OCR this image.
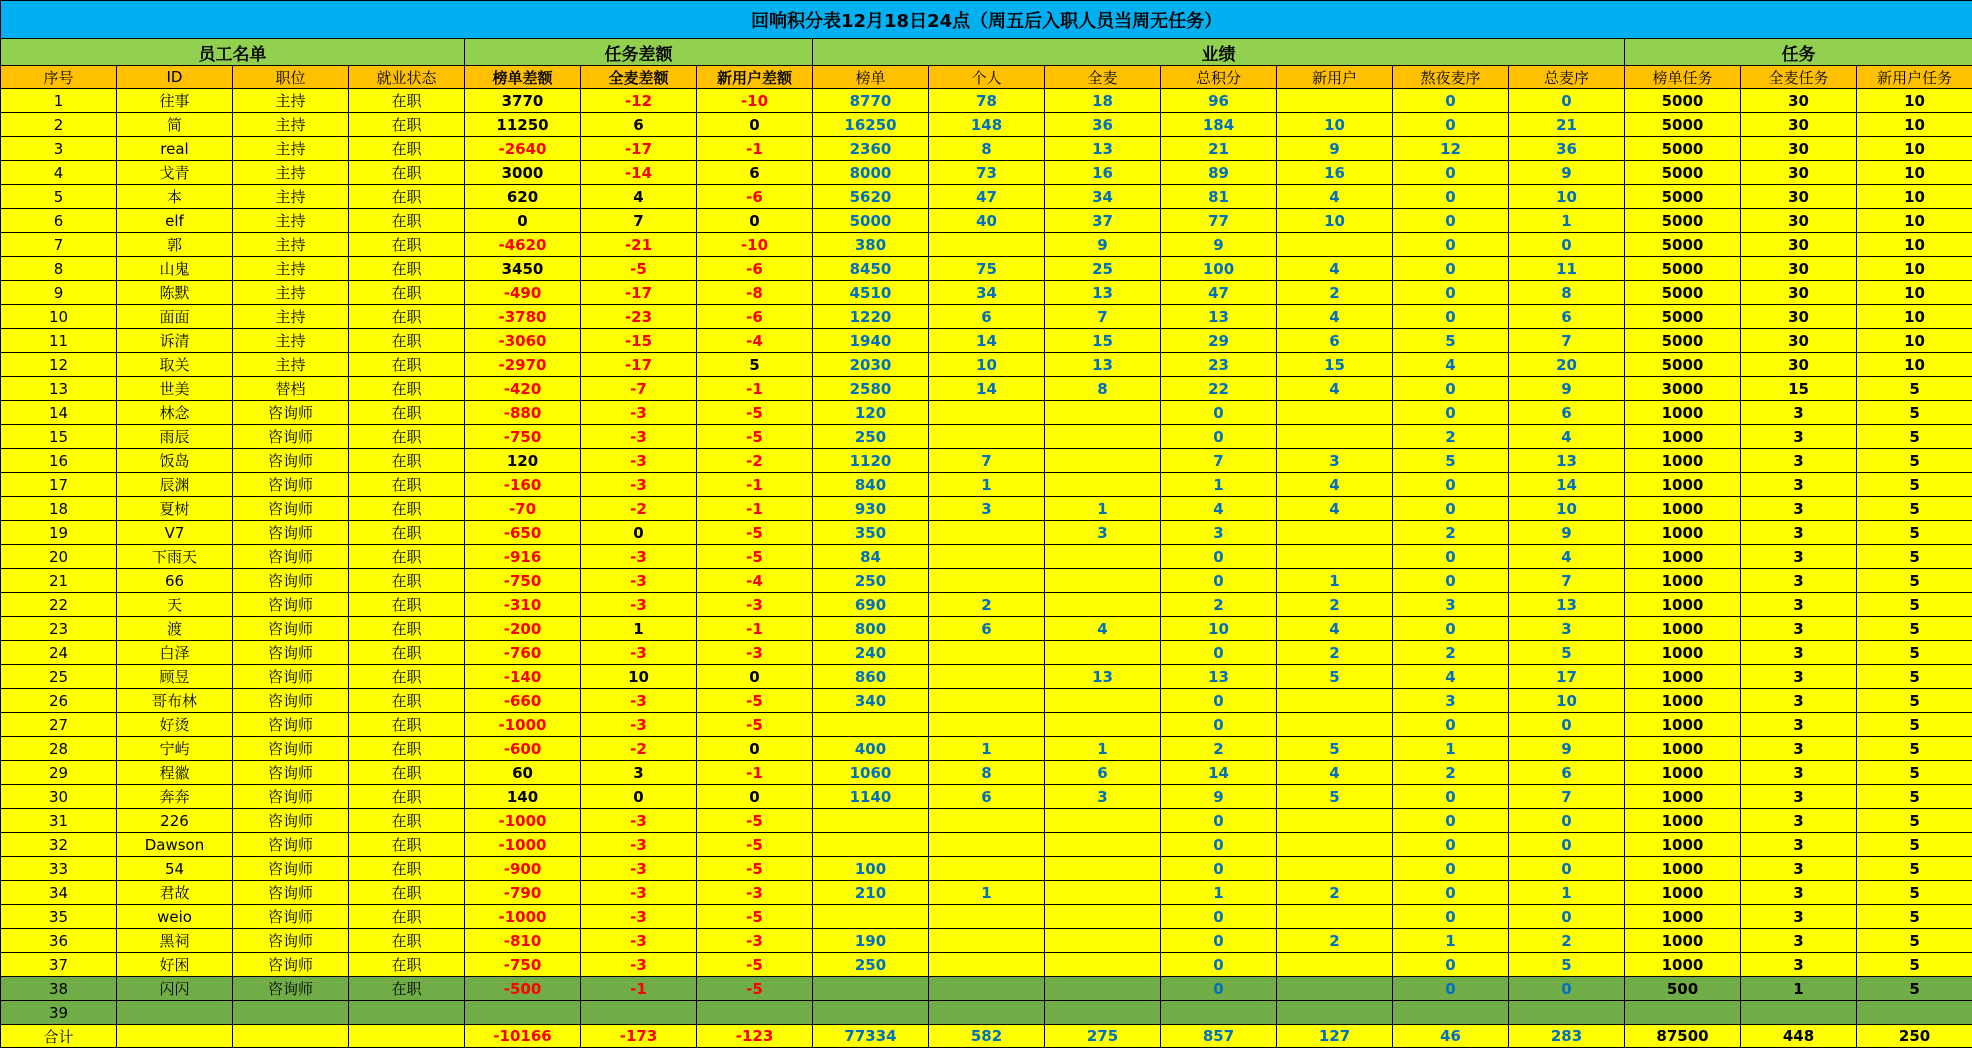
回响积分表12月18日24点（周五后入职人员当周无任务）																
员工名单				任务差额			业绩							任务		
序号	ID	职位	就业状态	榜单差额	全麦差额	新用户差额	榜单	个人	全麦	总积分	新用户	熬夜麦序	总麦序	榜单任务	全麦任务	新用户任务
1	往事	主持	在职	3770	-12	-10	8770	78	18	96		0	0	5000	30	10
2	简	主持	在职	11250	6	0	16250	148	36	184	10	0	21	5000	30	10
3	real	主持	在职	-2640	-17	-1	2360	8	13	21	9	12	36	5000	30	10
4	戈青	主持	在职	3000	-14	6	8000	73	16	89	16	0	9	5000	30	10
5	本	主持	在职	620	4	-6	5620	47	34	81	4	0	10	5000	30	10
6	elf	主持	在职	0	7	0	5000	40	37	77	10	0	1	5000	30	10
7	郭	主持	在职	-4620	-21	-10	380		9	9		0	0	5000	30	10
8	山鬼	主持	在职	3450	-5	-6	8450	75	25	100	4	0	11	5000	30	10
9	陈默	主持	在职	-490	-17	-8	4510	34	13	47	2	0	8	5000	30	10
10	面面	主持	在职	-3780	-23	-6	1220	6	7	13	4	0	6	5000	30	10
11	诉清	主持	在职	-3060	-15	-4	1940	14	15	29	6	5	7	5000	30	10
12	取关	主持	在职	-2970	-17	5	2030	10	13	23	15	4	20	5000	30	10
13	世美	替档	在职	-420	-7	-1	2580	14	8	22	4	0	9	3000	15	5
14	林念	咨询师	在职	-880	-3	-5	120			0		0	6	1000	3	5
15	雨辰	咨询师	在职	-750	-3	-5	250			0		2	4	1000	3	5
16	饭岛	咨询师	在职	120	-3	-2	1120	7		7	3	5	13	1000	3	5
17	辰渊	咨询师	在职	-160	-3	-1	840	1		1	4	0	14	1000	3	5
18	夏树	咨询师	在职	-70	-2	-1	930	3	1	4	4	0	10	1000	3	5
19	V7	咨询师	在职	-650	0	-5	350		3	3		2	9	1000	3	5
20	下雨天	咨询师	在职	-916	-3	-5	84			0		0	4	1000	3	5
21	66	咨询师	在职	-750	-3	-4	250			0	1	0	7	1000	3	5
22	天	咨询师	在职	-310	-3	-3	690	2		2	2	3	13	1000	3	5
23	渡	咨询师	在职	-200	1	-1	800	6	4	10	4	0	3	1000	3	5
24	白泽	咨询师	在职	-760	-3	-3	240			0	2	2	5	1000	3	5
25	顾昱	咨询师	在职	-140	10	0	860		13	13	5	4	17	1000	3	5
26	哥布林	咨询师	在职	-660	-3	-5	340			0		3	10	1000	3	5
27	好烫	咨询师	在职	-1000	-3	-5				0		0	0	1000	3	5
28	宁屿	咨询师	在职	-600	-2	0	400	1	1	2	5	1	9	1000	3	5
29	程徽	咨询师	在职	60	3	-1	1060	8	6	14	4	2	6	1000	3	5
30	奔奔	咨询师	在职	140	0	0	1140	6	3	9	5	0	7	1000	3	5
31	226	咨询师	在职	-1000	-3	-5				0		0	0	1000	3	5
32	Dawson	咨询师	在职	-1000	-3	-5				0		0	0	1000	3	5
33	54	咨询师	在职	-900	-3	-5	100			0		0	0	1000	3	5
34	君故	咨询师	在职	-790	-3	-3	210	1		1	2	0	1	1000	3	5
35	weio	咨询师	在职	-1000	-3	-5				0		0	0	1000	3	5
36	黑祠	咨询师	在职	-810	-3	-3	190			0	2	1	2	1000	3	5
37	好困	咨询师	在职	-750	-3	-5	250			0		0	5	1000	3	5
38	闪闪	咨询师	在职	-500	-1	-5				0		0	0	500	1	5
39																
合计				-10166	-173	-123	77334	582	275	857	127	46	283	87500	448	250
